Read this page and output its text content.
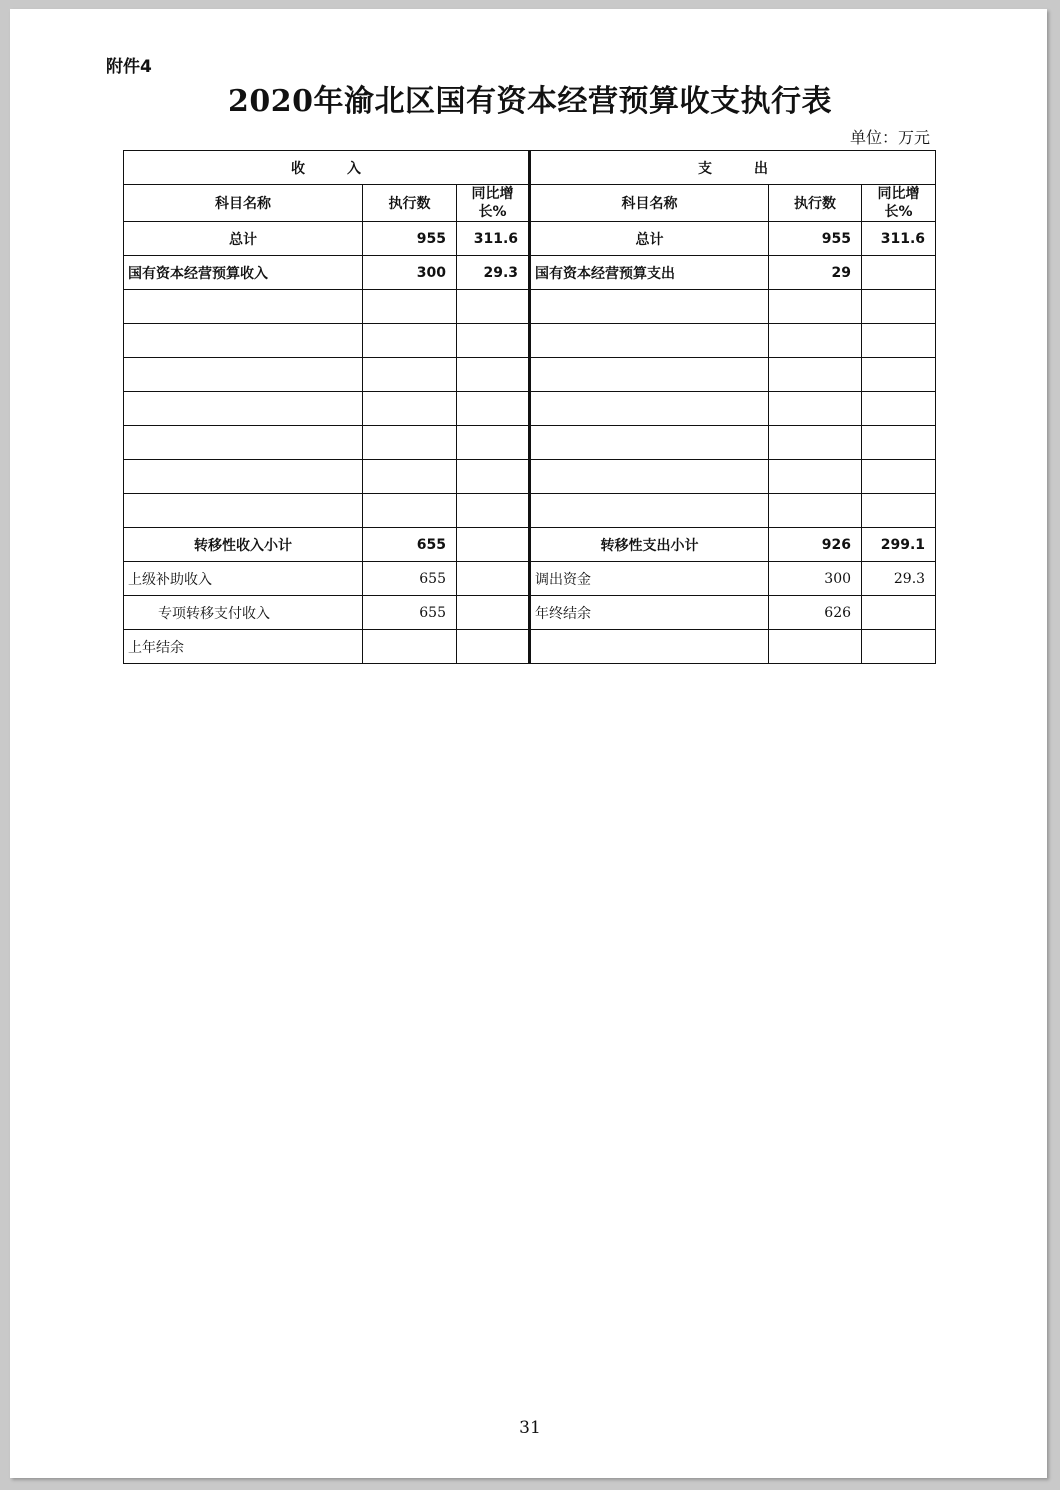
附件4
2020年渝北区国有资本经营预算收支执行表
单位：万元
收　　　入			支　　　出		
科目名称	执行数	同比增长%	科目名称	执行数	同比增长%
总计	955	311.6	总计	955	311.6
国有资本经营预算收入	300	29.3	国有资本经营预算支出	29	

转移性收入小计	655		转移性支出小计	926	299.1
上级补助收入	655		调出资金	300	29.3
专项转移支付收入	655		年终结余	626	
上年结余					
31
